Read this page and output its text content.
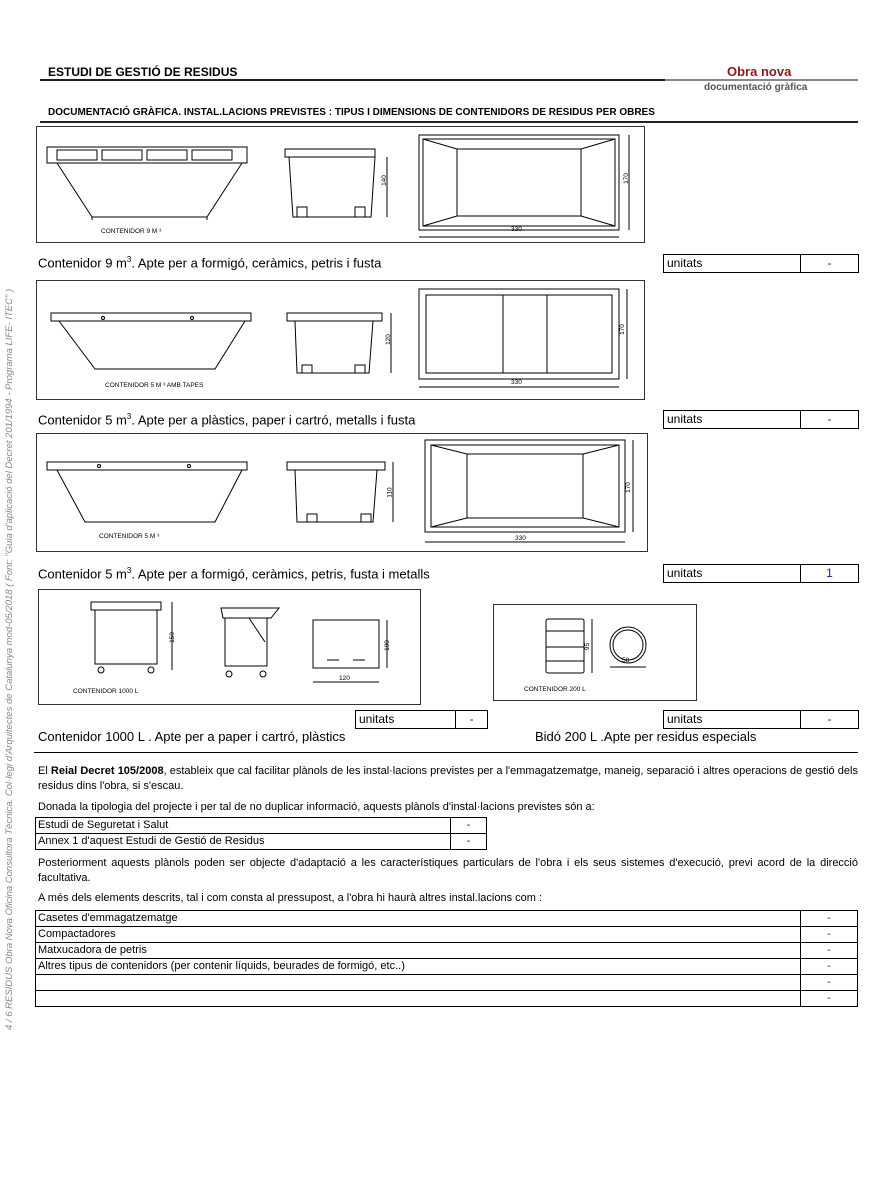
ESTUDI DE GESTIÓ DE RESIDUS	Obra nova
documentació gràfica
DOCUMENTACIÓ GRÀFICA. INSTAL.LACIONS PREVISTES : TIPUS I DIMENSIONS DE CONTENIDORS DE RESIDUS PER OBRES
4 / 6 RESIDUS Obra Nova Oficina Consultora Tècnica. Col·legi d'Arquitectes de Catalunya mod-05/2018 ( Font: "Guia d'aplicació del Decret 201/1994 - Programa LIFE- ITEC" )
CONTENIDOR 9 M ³
140	170
330
Contenidor 9 $m^3$. Apte per a formigó, ceràmics, petris i fusta	unitats	-
CONTENIDOR 5 M ³ AMB TAPES
120
170
330
Contenidor 5 $m^3$. Apte per a plàstics, paper i cartró, metalls i fusta	unitats	-
CONTENIDOR 5 M ³
110	170
330
Contenidor 5 $m^3$. Apte per a formigó, ceràmics, petris, fusta i metalls	unitats	1
CONTENIDOR 1000 L
150
100
120
CONTENIDOR 200 L
95
58
unitats	-	unitats	-
Contenidor 1000 L . Apte per a paper i cartró, plàstics	Bidó 200 L .Apte per residus especials
El Reial Decret 105/2008, estableix que cal facilitar plànols de les instal·lacions previstes per a l'emmagatzematge, maneig, separació i altres operacions de gestió dels residus dins l'obra, si s'escau.
Donada la tipologia del projecte i per tal de no duplicar informació, aquests plànols d'instal·lacions previstes són a:
Estudi de Seguretat i Salut	-
Annex 1 d'aquest Estudi de Gestió de Residus	-
Posteriorment aquests plànols poden ser objecte d'adaptació a les característiques particulars de l'obra i els seus sistemes d'execució, previ acord de la direcció facultativa.
A més dels elements descrits, tal i com consta al pressupost, a l'obra hi haurà altres instal.lacions com :
Casetes d'emmagatzematge	-
Compactadores	-
Matxucadora de petris	-
Altres tipus de contenidors (per contenir líquids, beurades de formigó, etc..)	-
	-
	-
